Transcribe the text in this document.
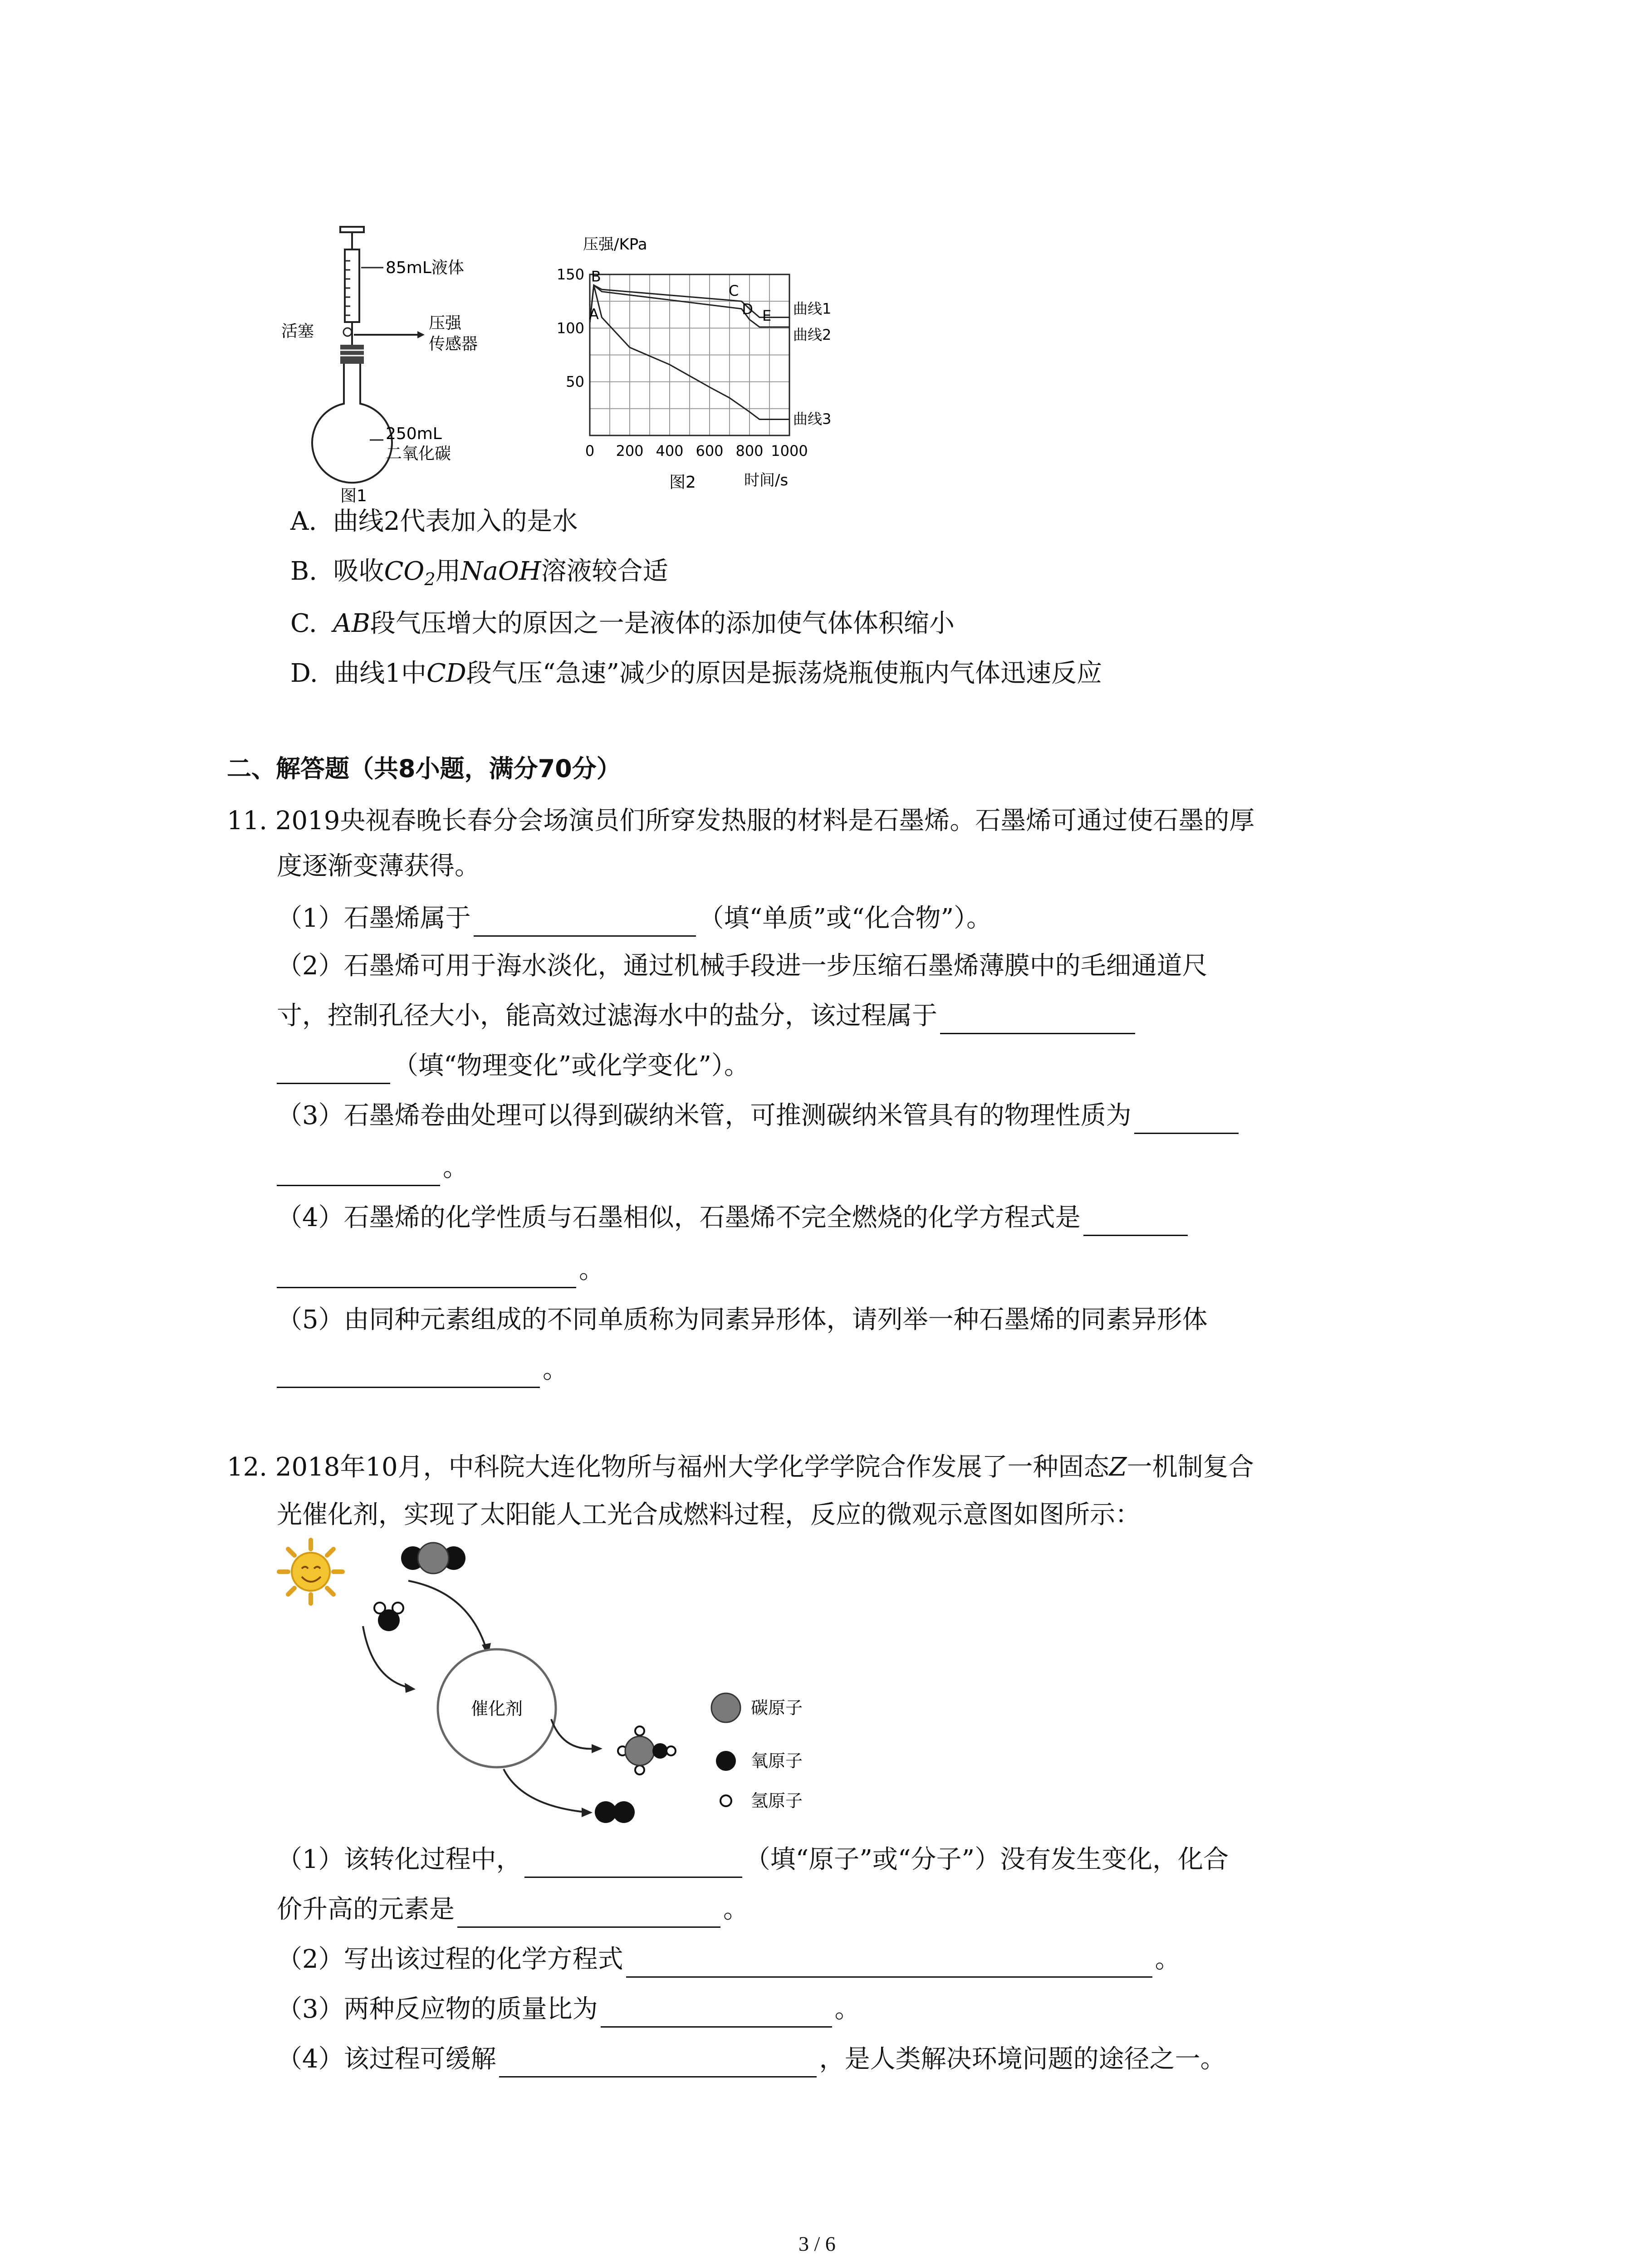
85mL液体
活塞	压强
传感器
250mL
二氧化碳
图1
压强/KPa
时间/s
0 200 400 600 800 1000
50
100
150
曲线1
曲线2
曲线3
A
B
C
D E
图2
A. 曲线2代表加入的是水
B. 吸收$CO_2$用NaOH溶液较合适
C. AB段气压增大的原因之一是液体的添加使气体体积缩小
D. 曲线1中CD段气压“急速”减少的原因是振荡烧瓶使瓶内气体迅速反应
二、解答题（共8小题，满分70分）
11. 2019央视春晚长春分会场演员们所穿发热服的材料是石墨烯。石墨烯可通过使石墨的厚
度逐渐变薄获得。
（1）石墨烯属于	（填“单质”或“化合物”）。
（2）石墨烯可用于海水淡化，通过机械手段进一步压缩石墨烯薄膜中的毛细通道尺
寸，控制孔径大小，能高效过滤海水中的盐分，该过程属于
（填“物理变化”或化学变化”）。
（3）石墨烯卷曲处理可以得到碳纳米管，可推测碳纳米管具有的物理性质为
。
（4）石墨烯的化学性质与石墨相似，石墨烯不完全燃烧的化学方程式是
。
（5）由同种元素组成的不同单质称为同素异形体，请列举一种石墨烯的同素异形体
。
12. 2018年10月，中科院大连化物所与福州大学化学学院合作发展了一种固态Z一机制复合
光催化剂，实现了太阳能人工光合成燃料过程，反应的微观示意图如图所示：
催化剂	碳原子
氧原子
氢原子
（1）该转化过程中，	（填“原子”或“分子”）没有发生变化，化合
价升高的元素是	。
（2）写出该过程的化学方程式	。
（3）两种反应物的质量比为	。
（4）该过程可缓解	，是人类解决环境问题的途径之一。
3 / 6
